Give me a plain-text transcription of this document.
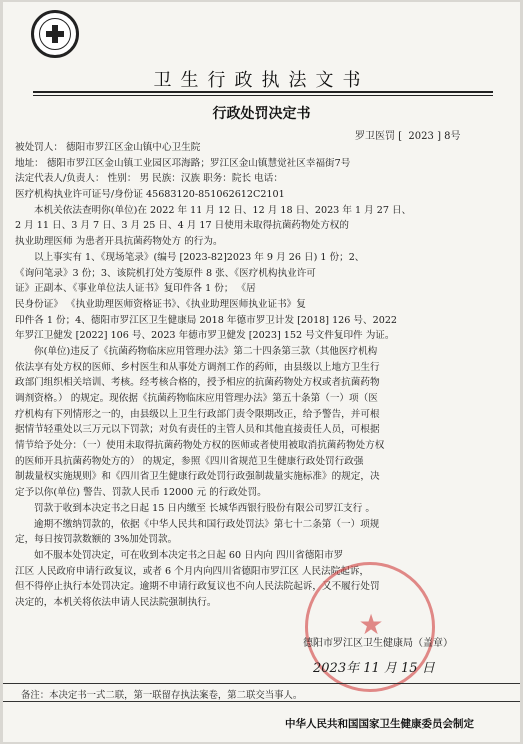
卫生行政执法文书
行政处罚决定书
罗卫医罚 [  2023 ] 8号
被处罚人： 德阳市罗江区金山镇中心卫生院
地址： 德阳市罗江区金山镇工业园区邛海路；罗江区金山镇慧觉社区幸福街7号
法定代表人/负责人： 性别： 男 民族：汉族 职务：院长 电话：
医疗机构执业许可证号/身份证 45683120-851062612C2101
本机关依法查明你(单位)在 2022 年 11 月 12 日、12 月 18 日、2023 年 1 月 27 日、
2 月 11 日、3 月 7 日、3 月 25 日、4 月 17 日使用未取得抗菌药物处方权的
执业助理医师 为患者开具抗菌药物处方 的行为。
以上事实有 1、《现场笔录》(编号 [2023-82]2023 年 9 月 26 日) 1 份；2、
《询问笔录》3 份；3、该院机打处方笺原件 8 张、《医疗机构执业许可
证》正副本、《事业单位法人证书》复印件各 1 份； 《居
民身份证》 《执业助理医师资格证书》、《执业助理医师执业证书》复
印件各 1 份；4、德阳市罗江区卫生健康局 2018 年德市罗卫计发 [2018] 126 号、2022
年罗江卫健发 [2022] 106 号、2023 年德市罗卫健发 [2023] 152 号文件复印件 为证。
你(单位)违反了《抗菌药物临床应用管理办法》第二十四条第三款（其他医疗机构
依法享有处方权的医师、乡村医生和从事处方调剂工作的药师，由县级以上地方卫生行
政部门组织相关培训、考核。经考核合格的，授予相应的抗菌药物处方权或者抗菌药物
调剂资格。） 的规定。现依据《抗菌药物临床应用管理办法》第五十条第（一）项（医
疗机构有下列情形之一的，由县级以上卫生行政部门责令限期改正，给予警告，并可根
据情节轻重处以三万元以下罚款；对负有责任的主管人员和其他直接责任人员，可根据
情节给予处分：（一）使用未取得抗菌药物处方权的医师或者使用被取消抗菌药物处方权
的医师开具抗菌药物处方的） 的规定，参照《四川省规范卫生健康行政处罚行政强
制裁量权实施规则》和《四川省卫生健康行政处罚行政强制裁量实施标准》的规定，决
定予以你(单位) 警告、罚款人民币 12000 元 的行政处罚。
罚款于收到本决定书之日起 15 日内缴至 长城华西银行股份有限公司罗江支行 。
逾期不缴纳罚款的，依据《中华人民共和国行政处罚法》第七十二条第（一）项规
定，每日按罚款数额的 3%加处罚款。
如不服本处罚决定，可在收到本决定书之日起 60 日内向 四川省德阳市罗
江区 人民政府申请行政复议，或者 6 个月内向四川省德阳市罗江区 人民法院起诉，
但不得停止执行本处罚决定。逾期不申请行政复议也不向人民法院起诉，又不履行处罚
决定的，本机关将依法申请人民法院强制执行。
★
德阳市罗江区卫生健康局（盖章）
2023年 11 月 15 日
备注：本决定书一式二联，第一联留存执法案卷，第二联交当事人。
中华人民共和国国家卫生健康委员会制定
